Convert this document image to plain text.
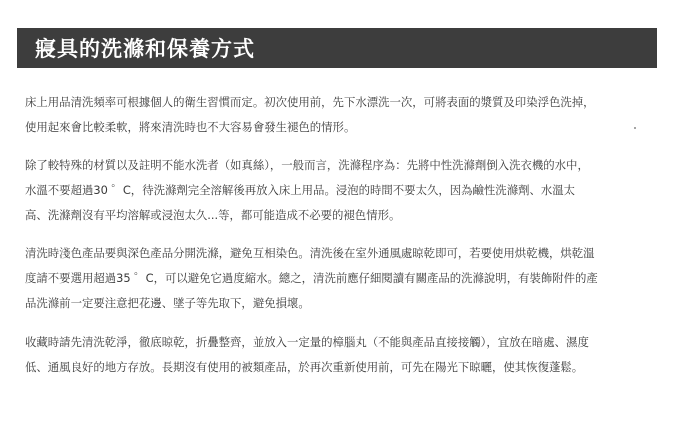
寢具的洗滌和保養方式
床上用品清洗頻率可根據個人的衛生習慣而定。初次使用前，先下水漂洗一次，可將表面的漿質及印染浮色洗掉，
使用起來會比較柔軟，將來清洗時也不大容易會發生褪色的情形。
除了較特殊的材質以及註明不能水洗者（如真絲），一般而言，洗滌程序為：先將中性洗滌劑倒入洗衣機的水中，
水溫不要超過30 ゜C，待洗滌劑完全溶解後再放入床上用品。浸泡的時間不要太久，因為鹼性洗滌劑、水溫太
高、洗滌劑沒有平均溶解或浸泡太久...等，都可能造成不必要的褪色情形。
清洗時淺色產品要與深色產品分開洗滌，避免互相染色。清洗後在室外通風處晾乾即可，若要使用烘乾機，烘乾溫
度請不要選用超過35 ゜C，可以避免它過度縮水。總之，清洗前應仔細閱讀有關產品的洗滌說明，有裝飾附件的產
品洗滌前一定要注意把花邊、墜子等先取下，避免損壞。
收藏時請先清洗乾淨，徹底晾乾，折疊整齊，並放入一定量的樟腦丸（不能與產品直接接觸），宜放在暗處、濕度
低、通風良好的地方存放。長期沒有使用的被類產品，於再次重新使用前，可先在陽光下晾曬，使其恢復蓬鬆。
